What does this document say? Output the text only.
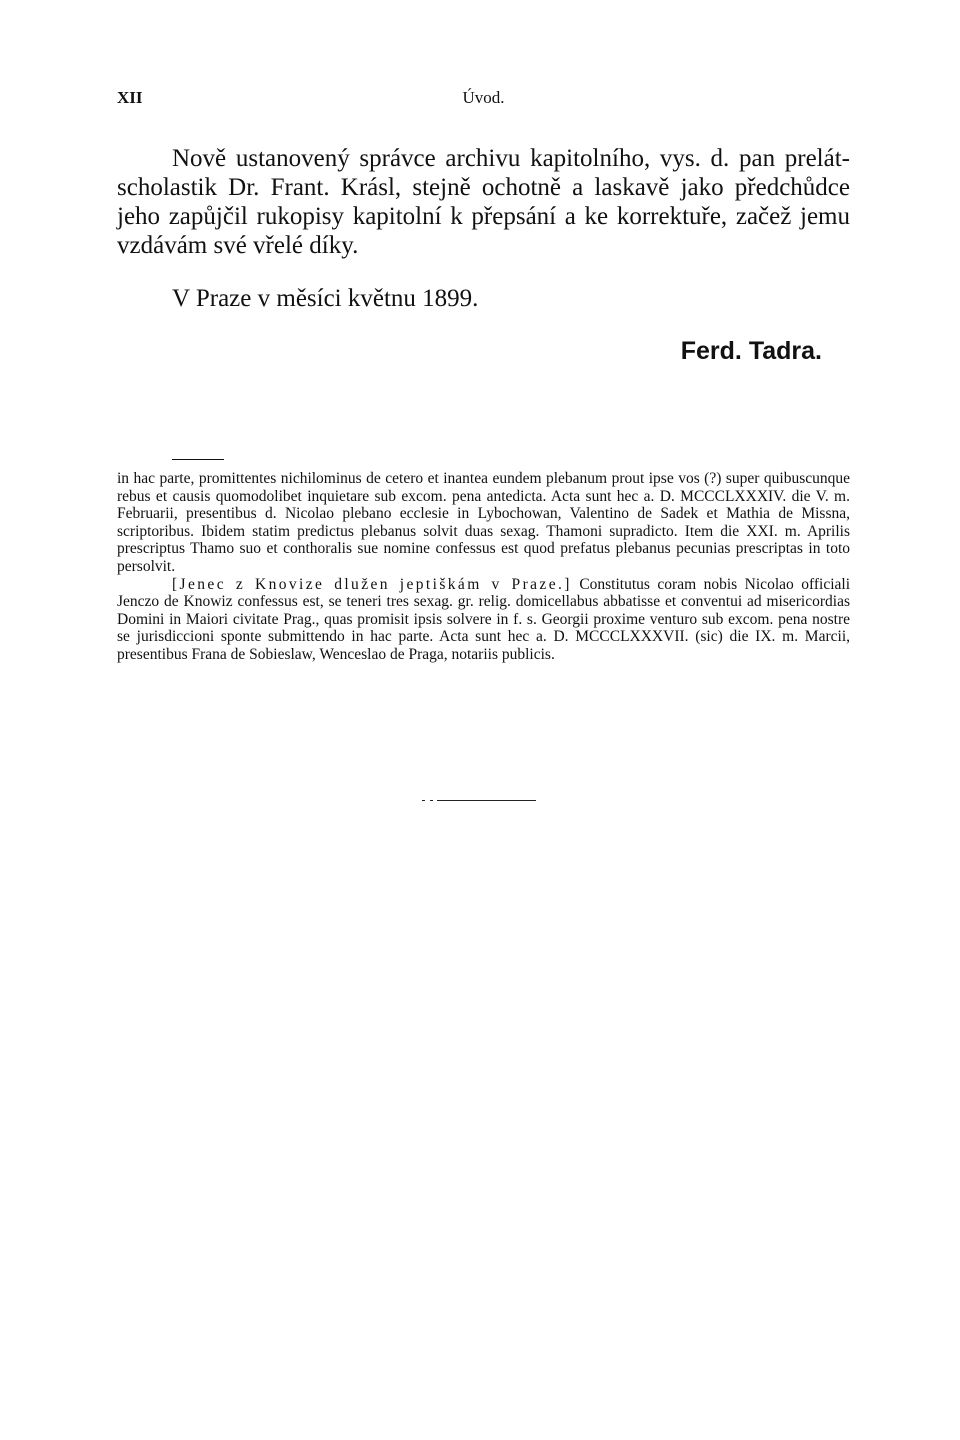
XII	Úvod.

Nově ustanovený správce archivu kapitolního, vys. d. pan prelát-scholastik Dr. Frant. Krásl, stejně ochotně a laskavě jako předchůdce jeho zapůjčil rukopisy kapitolní k přepsání a ke korrektuře, začež jemu vzdávám své vřelé díky.

V Praze v měsíci květnu 1899.
Ferd. Tadra.

in hac parte, promittentes nichilominus de cetero et inantea eundem plebanum prout ipse vos (?) super quibuscunque rebus et causis quomodolibet inquietare sub excom. pena antedicta. Acta sunt hec a. D. MCCCLXXXIV. die V. m. Februarii, presentibus d. Nicolao plebano ecclesie in Lybochowan, Valentino de Sadek et Mathia de Missna, scriptoribus. Ibidem statim predictus plebanus solvit duas sexag. Thamoni supradicto. Item die XXI. m. Aprilis prescriptus Thamo suo et conthoralis sue nomine confessus est quod prefatus plebanus pecunias prescriptas in toto persolvit.

[Jenec z Knovize dlužen jeptiškám v Praze.] Constitutus coram nobis Nicolao officiali Jenczo de Knowiz confessus est, se teneri tres sexag. gr. relig. domicellabus abbatisse et conventui ad misericordias Domini in Maiori civitate Prag., quas promisit ipsis solvere in f. s. Georgii proxime venturo sub excom. pena nostre se jurisdiccioni sponte submittendo in hac parte. Acta sunt hec a. D. MCCCLXXXVII. (sic) die IX. m. Marcii, presentibus Frana de Sobieslaw, Wenceslao de Praga, notariis publicis.
